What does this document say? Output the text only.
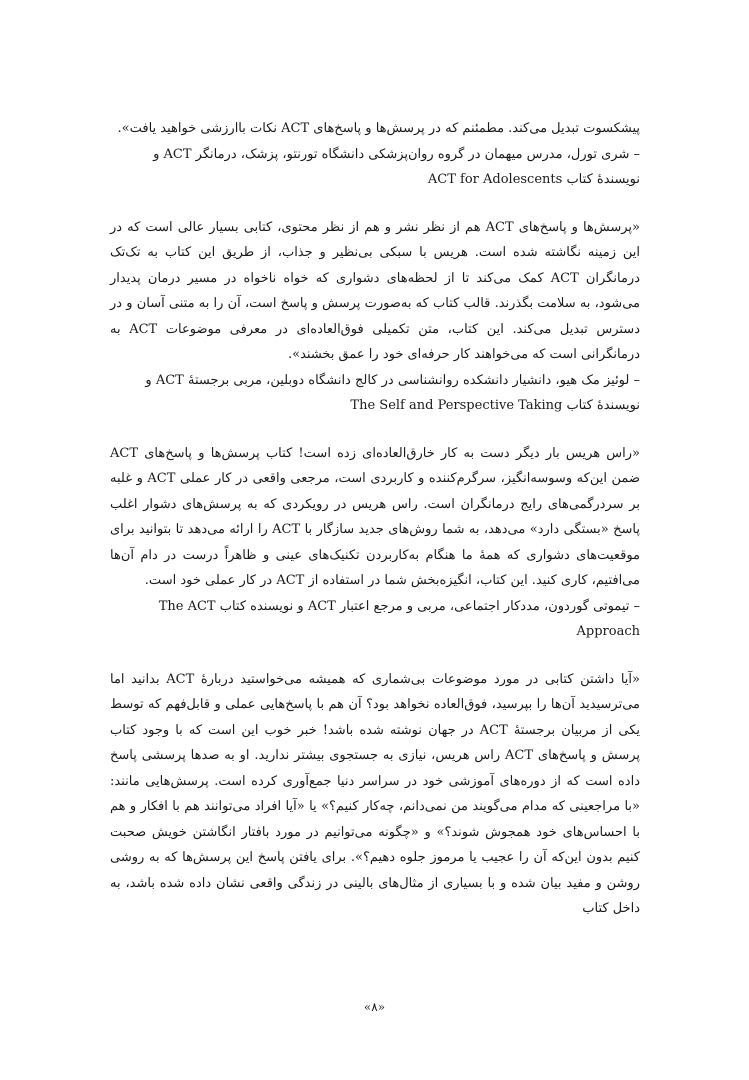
پیشکسوت تبدیل می‌کند. مطمئنم که در پرسش‌ها و پاسخ‌های ACT نکات باارزشی خواهید یافت».

– شری تورل، مدرس میهمان در گروه روان‌پزشکی دانشگاه تورنتو، پزشک، درمانگر ACT و نویسندهٔ کتاب ACT for Adolescents

«پرسش‌ها و پاسخ‌های ACT هم از نظر نشر و هم از نظر محتوی، کتابی بسیار عالی است که در این زمینه نگاشته شده است. هریس با سبکی بی‌نظیر و جذاب، از طریق این کتاب به تک‌تک درمانگران ACT کمک می‌کند تا از لحظه‌های دشواری که خواه ناخواه در مسیر درمان پدیدار می‌شود، به سلامت بگذرند. قالب کتاب که به‌صورت پرسش و پاسخ است، آن را به متنی آسان و در دسترس تبدیل می‌کند. این کتاب، متن تکمیلی فوق‌العاده‌ای در معرفی موضوعات ACT به درمانگرانی است که می‌خواهند کار حرفه‌ای خود را عمق بخشند».

– لوئیز مک هیو، دانشیار دانشکده روانشناسی در کالج دانشگاه دوبلین، مربی برجستهٔ ACT و نویسندهٔ کتاب The Self and Perspective Taking

«راس هریس بار دیگر دست به کار خارق‌العاده‌ای زده است! کتاب پرسش‌ها و پاسخ‌های ACT ضمن این‌که وسوسه‌انگیز، سرگرم‌کننده و کاربردی است، مرجعی واقعی در کار عملی ACT و غلبه بر سردرگمی‌های رایج درمانگران است. راس هریس در رویکردی که به پرسش‌های دشوار اغلب پاسخ «بستگی دارد» می‌دهد، به شما روش‌های جدید سازگار با ACT را ارائه می‌دهد تا بتوانید برای موقعیت‌های دشواری که همهٔ ما هنگام به‌کاربردن تکنیک‌های عینی و ظاهراً درست در دام آن‌ها می‌افتیم، کاری کنید. این کتاب، انگیزه‌بخش شما در استفاده از ACT در کار عملی خود است.

– تیموتی گوردون، مددکار اجتماعی، مربی و مرجع اعتبار ACT و نویسنده کتاب The ACT Approach

«آیا داشتن کتابی در مورد موضوعات بی‌شماری که همیشه می‌خواستید دربارهٔ ACT بدانید اما می‌ترسیدید آن‌ها را بپرسید، فوق‌العاده نخواهد بود؟ آن هم با پاسخ‌هایی عملی و قابل‌فهم که توسط یکی از مربیان برجستهٔ ACT در جهان نوشته شده باشد! خبر خوب این است که با وجود کتاب پرسش و پاسخ‌های ACT راس هریس، نیازی به جستجوی بیشتر ندارید. او به صدها پرسشی پاسخ داده است که از دوره‌های آموزشی خود در سراسر دنیا جمع‌آوری کرده است. پرسش‌هایی مانند: «با مراجعینی که مدام می‌گویند من نمی‌دانم، چه‌کار کنیم؟» یا «آیا افراد می‌توانند هم با افکار و هم با احساس‌های خود همجوش شوند؟» و «چگونه می‌توانیم در مورد بافتار انگاشتن خویش صحبت کنیم بدون این‌که آن را عجیب یا مرموز جلوه دهیم؟». برای یافتن پاسخ این پرسش‌ها که به روشی روشن و مفید بیان شده و با بسیاری از مثال‌های بالینی در زندگی واقعی نشان داده شده باشد، به داخل کتاب

«۸»
